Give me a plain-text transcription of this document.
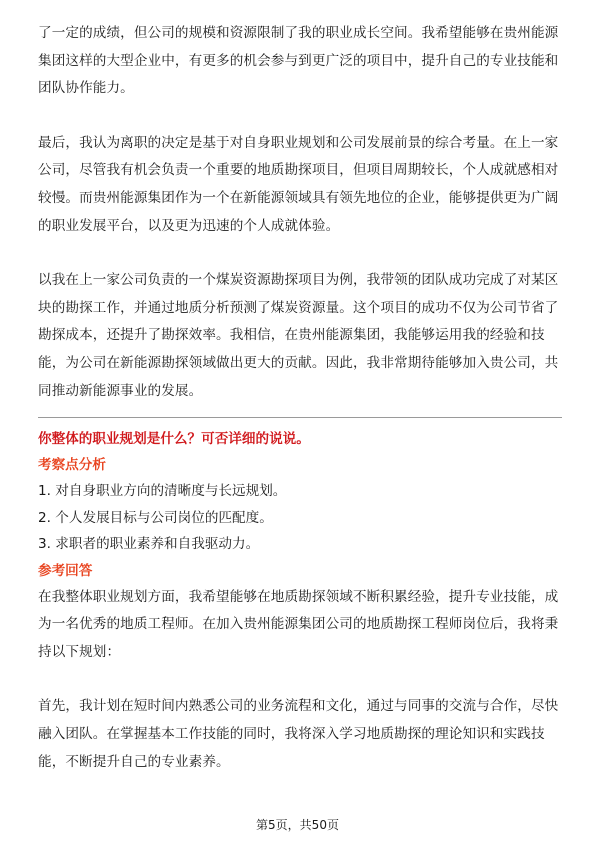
了一定的成绩，但公司的规模和资源限制了我的职业成长空间。我希望能够在贵州能源集团这样的大型企业中，有更多的机会参与到更广泛的项目中，提升自己的专业技能和团队协作能力。

最后，我认为离职的决定是基于对自身职业规划和公司发展前景的综合考量。在上一家公司，尽管我有机会负责一个重要的地质勘探项目，但项目周期较长，个人成就感相对较慢。而贵州能源集团作为一个在新能源领域具有领先地位的企业，能够提供更为广阔的职业发展平台，以及更为迅速的个人成就体验。

以我在上一家公司负责的一个煤炭资源勘探项目为例，我带领的团队成功完成了对某区块的勘探工作，并通过地质分析预测了煤炭资源量。这个项目的成功不仅为公司节省了勘探成本，还提升了勘探效率。我相信，在贵州能源集团，我能够运用我的经验和技能，为公司在新能源勘探领域做出更大的贡献。因此，我非常期待能够加入贵公司，共同推动新能源事业的发展。

你整体的职业规划是什么？可否详细的说说。

考察点分析

1. 对自身职业方向的清晰度与长远规划。

2. 个人发展目标与公司岗位的匹配度。

3. 求职者的职业素养和自我驱动力。

参考回答

在我整体职业规划方面，我希望能够在地质勘探领域不断积累经验，提升专业技能，成为一名优秀的地质工程师。在加入贵州能源集团公司的地质勘探工程师岗位后，我将秉持以下规划：

首先，我计划在短时间内熟悉公司的业务流程和文化，通过与同事的交流与合作，尽快融入团队。在掌握基本工作技能的同时，我将深入学习地质勘探的理论知识和实践技能，不断提升自己的专业素养。

第5页，共50页
